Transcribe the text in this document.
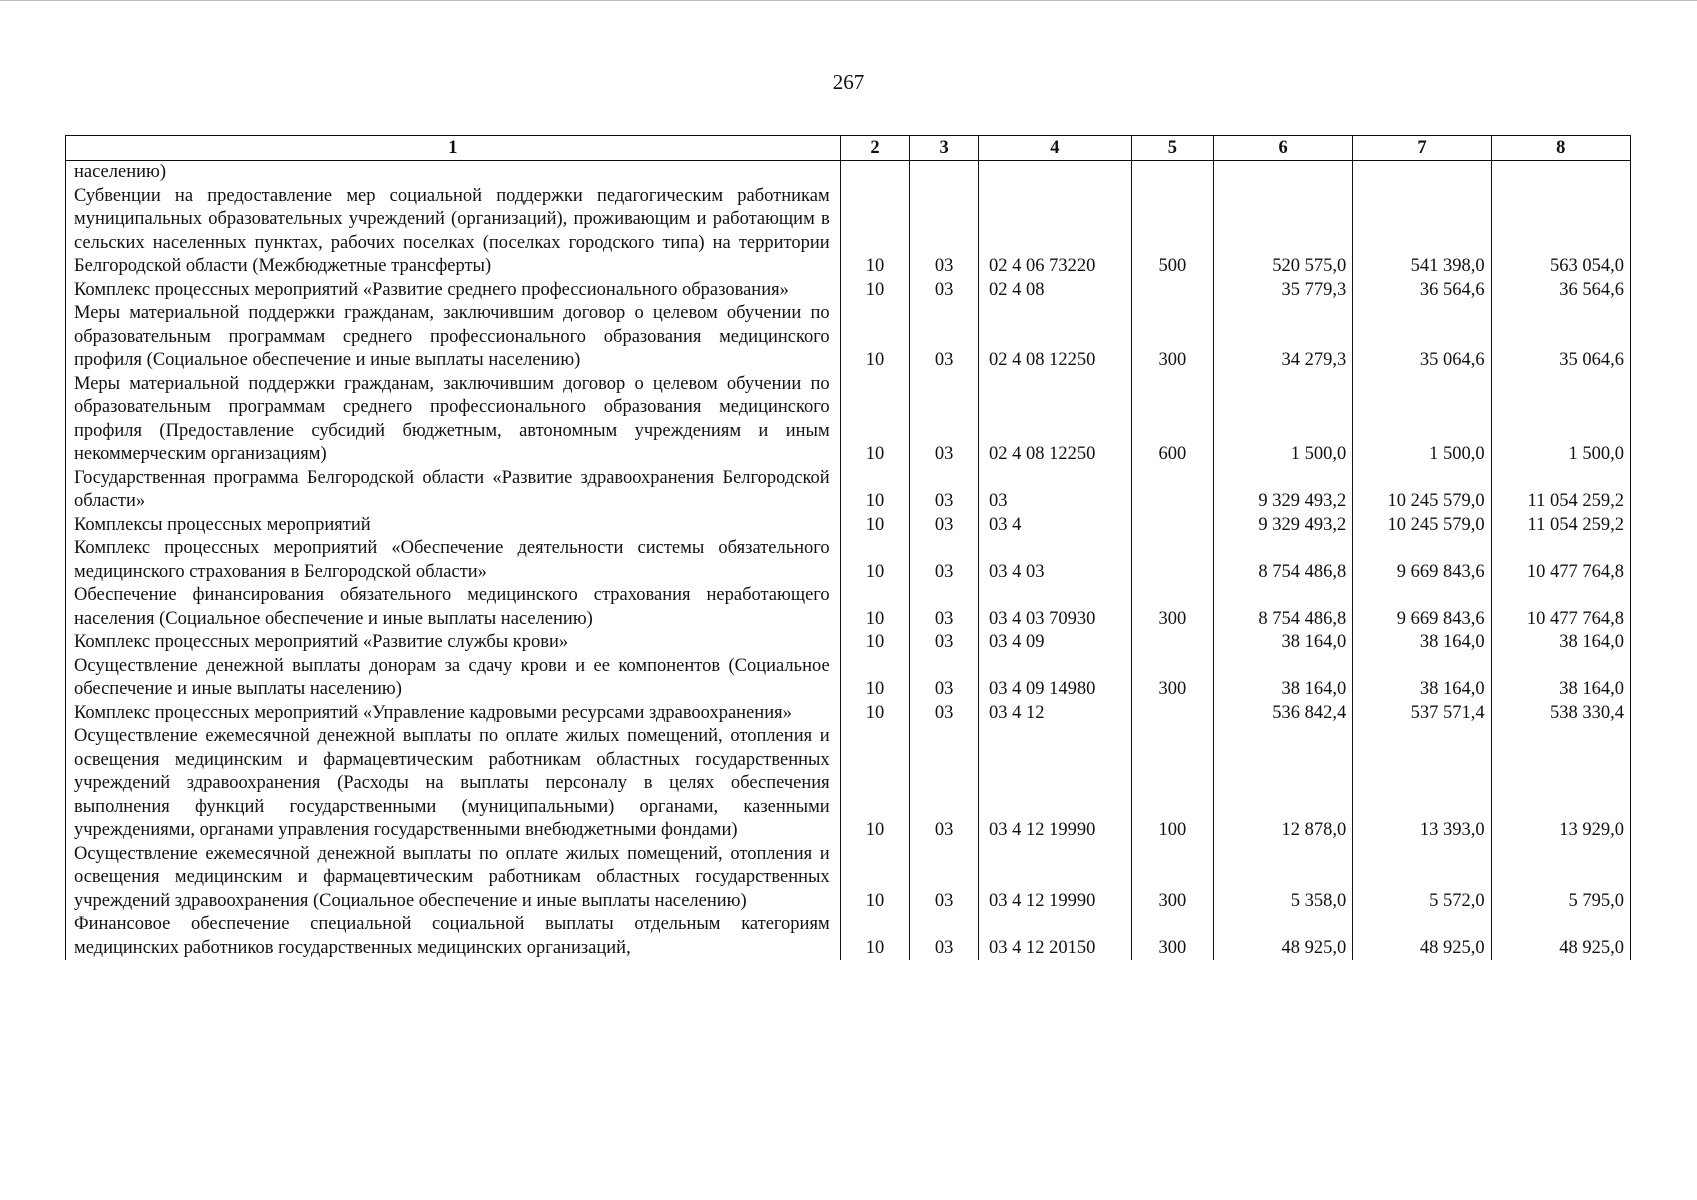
267
1	2	3	4	5	6	7	8
населению)							
Субвенции на предоставление мер социальной поддержки педагогическим работникам муниципальных образовательных учреждений (организаций), проживающим и работающим в сельских населенных пунктах, рабочих поселках (поселках городского типа) на территории Белгородской области (Межбюджетные трансферты)	10	03	02 4 06 73220	500	520 575,0	541 398,0	563 054,0
Комплекс процессных мероприятий «Развитие среднего профессионального образования»	10	03	02 4 08		35 779,3	36 564,6	36 564,6
Меры материальной поддержки гражданам, заключившим договор о целевом обучении по образовательным программам среднего профессионального образования медицинского профиля (Социальное обеспечение и иные выплаты населению)	10	03	02 4 08 12250	300	34 279,3	35 064,6	35 064,6
Меры материальной поддержки гражданам, заключившим договор о целевом обучении по образовательным программам среднего профессионального образования медицинского профиля (Предоставление субсидий бюджетным, автономным учреждениям и иным некоммерческим организациям)	10	03	02 4 08 12250	600	1 500,0	1 500,0	1 500,0
Государственная программа Белгородской области «Развитие здравоохранения Белгородской области»	10	03	03		9 329 493,2	10 245 579,0	11 054 259,2
Комплексы процессных мероприятий	10	03	03 4		9 329 493,2	10 245 579,0	11 054 259,2
Комплекс процессных мероприятий «Обеспечение деятельности системы обязательного медицинского страхования в Белгородской области»	10	03	03 4 03		8 754 486,8	9 669 843,6	10 477 764,8
Обеспечение финансирования обязательного медицинского страхования неработающего населения (Социальное обеспечение и иные выплаты населению)	10	03	03 4 03 70930	300	8 754 486,8	9 669 843,6	10 477 764,8
Комплекс процессных мероприятий «Развитие службы крови»	10	03	03 4 09		38 164,0	38 164,0	38 164,0
Осуществление денежной выплаты донорам за сдачу крови и ее компонентов (Социальное обеспечение и иные выплаты населению)	10	03	03 4 09 14980	300	38 164,0	38 164,0	38 164,0
Комплекс процессных мероприятий «Управление кадровыми ресурсами здравоохранения»	10	03	03 4 12		536 842,4	537 571,4	538 330,4
Осуществление ежемесячной денежной выплаты по оплате жилых помещений, отопления и освещения медицинским и фармацевтическим работникам областных государственных учреждений здравоохранения (Расходы на выплаты персоналу в целях обеспечения выполнения функций государственными (муниципальными) органами, казенными учреждениями, органами управления государственными внебюджетными фондами)	10	03	03 4 12 19990	100	12 878,0	13 393,0	13 929,0
Осуществление ежемесячной денежной выплаты по оплате жилых помещений, отопления и освещения медицинским и фармацевтическим работникам областных государственных учреждений здравоохранения (Социальное обеспечение и иные выплаты населению)	10	03	03 4 12 19990	300	5 358,0	5 572,0	5 795,0
Финансовое обеспечение специальной социальной выплаты отдельным категориям медицинских работников государственных медицинских организаций,	10	03	03 4 12 20150	300	48 925,0	48 925,0	48 925,0
